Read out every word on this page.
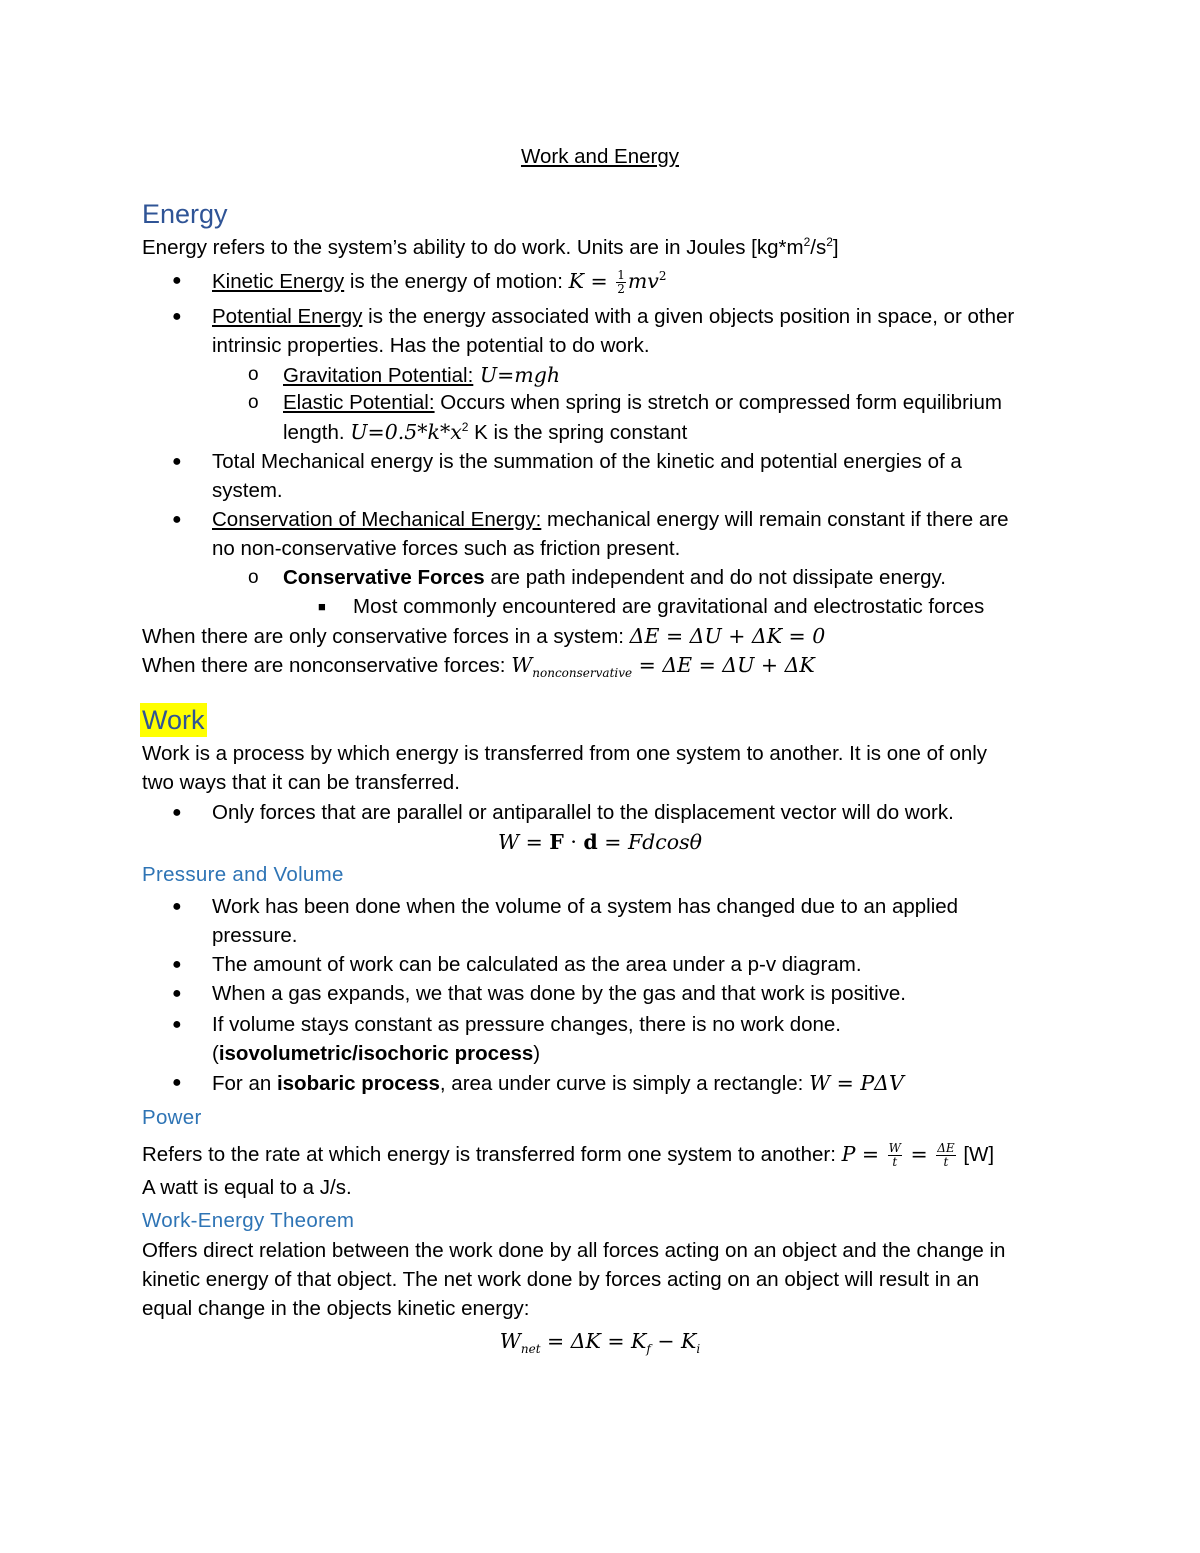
Work and Energy
Energy
Energy refers to the system’s ability to do work. Units are in Joules $[kg*m^2/s^2]$
● Kinetic Energy is the energy of motion: $K = \frac{1}{2} mv^2$
● Potential Energy is the energy associated with a given objects position in space, or other
intrinsic properties. Has the potential to do work.
o Gravitation Potential: U=mgh
o Elastic Potential: Occurs when spring is stretch or compressed form equilibrium
length. $U=0.5*k*x^2$ K is the spring constant
● Total Mechanical energy is the summation of the kinetic and potential energies of a
system.
● Conservation of Mechanical Energy: mechanical energy will remain constant if there are
no non-conservative forces such as friction present.
o Conservative Forces are path independent and do not dissipate energy.
■ Most commonly encountered are gravitational and electrostatic forces
When there are only conservative forces in a system: ΔE = ΔU + ΔK = 0
When there are nonconservative forces: $W_{nonconservative} = \Delta E = \Delta U + \Delta K$
Work
Work is a process by which energy is transferred from one system to another. It is one of only
two ways that it can be transferred.
● Only forces that are parallel or antiparallel to the displacement vector will do work.
W = F · d = Fdcosθ
Pressure and Volume
● Work has been done when the volume of a system has changed due to an applied
pressure.
● The amount of work can be calculated as the area under a p-v diagram.
● When a gas expands, we that was done by the gas and that work is positive.
● If volume stays constant as pressure changes, there is no work done.
(isovolumetric/isochoric process)
● For an isobaric process, area under curve is simply a rectangle: W = PΔV
Power
Refers to the rate at which energy is transferred form one system to another: $P = \frac{W}{t} = \frac{\Delta E}{t} [W]$
A watt is equal to a J/s.
Work-Energy Theorem
Offers direct relation between the work done by all forces acting on an object and the change in
kinetic energy of that object. The net work done by forces acting on an object will result in an
equal change in the objects kinetic energy:
$W_{net} = \Delta K = K_f - K_i$
